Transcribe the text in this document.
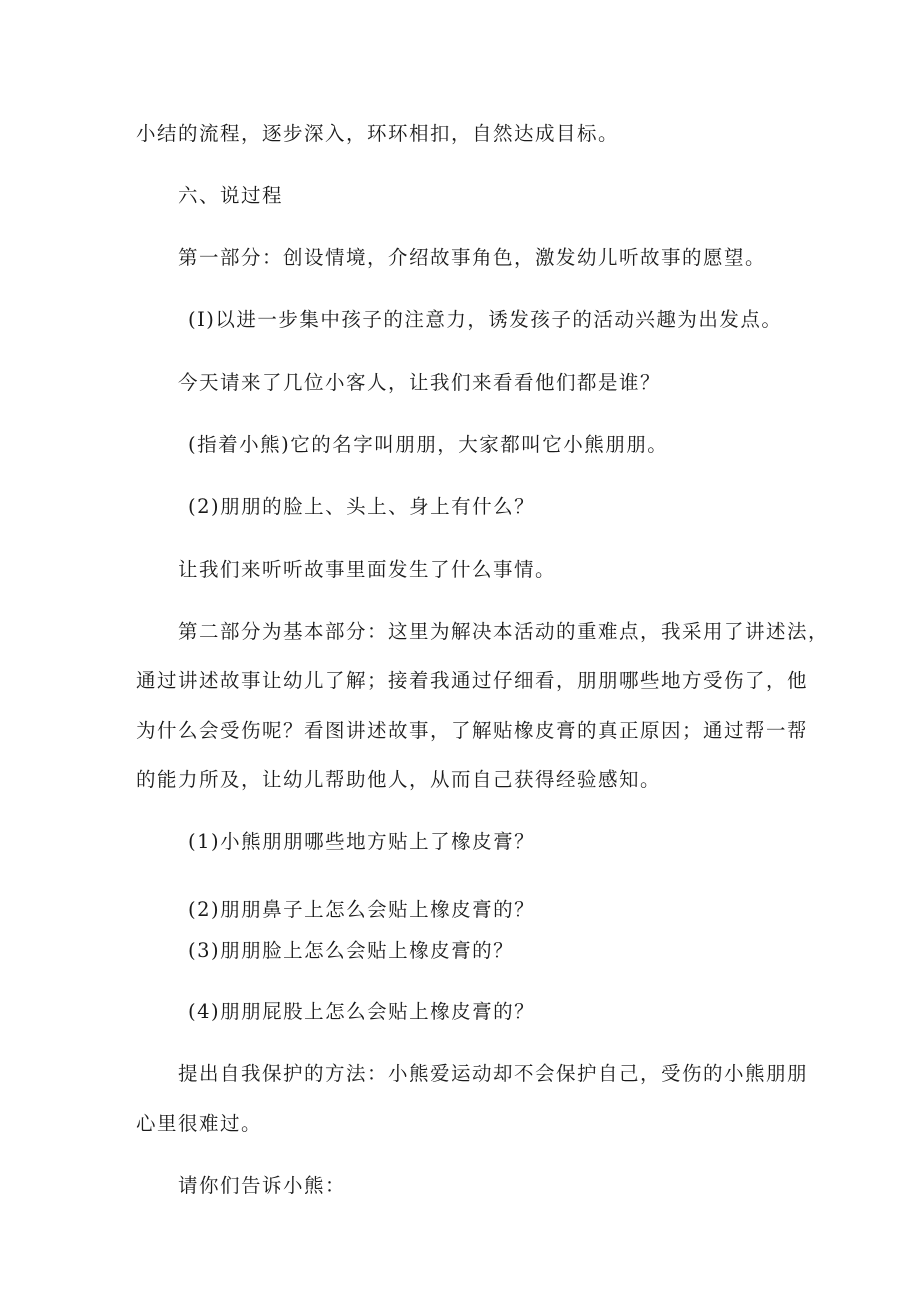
小结的流程，逐步深入，环环相扣，自然达成目标。
六、说过程
第一部分：创设情境，介绍故事角色，激发幼儿听故事的愿望。
(I)以进一步集中孩子的注意力，诱发孩子的活动兴趣为出发点。
今天请来了几位小客人，让我们来看看他们都是谁？
(指着小熊)它的名字叫朋朋，大家都叫它小熊朋朋。
(2)朋朋的脸上、头上、身上有什么？
让我们来听听故事里面发生了什么事情。
第二部分为基本部分：这里为解决本活动的重难点，我采用了讲述法，
通过讲述故事让幼儿了解；接着我通过仔细看，朋朋哪些地方受伤了，他
为什么会受伤呢？看图讲述故事，了解贴橡皮膏的真正原因；通过帮一帮
的能力所及，让幼儿帮助他人，从而自己获得经验感知。
(1)小熊朋朋哪些地方贴上了橡皮膏？
(2)朋朋鼻子上怎么会贴上橡皮膏的？
(3)朋朋脸上怎么会贴上橡皮膏的？
(4)朋朋屁股上怎么会贴上橡皮膏的？
提出自我保护的方法：小熊爱运动却不会保护自己，受伤的小熊朋朋
心里很难过。
请你们告诉小熊：
